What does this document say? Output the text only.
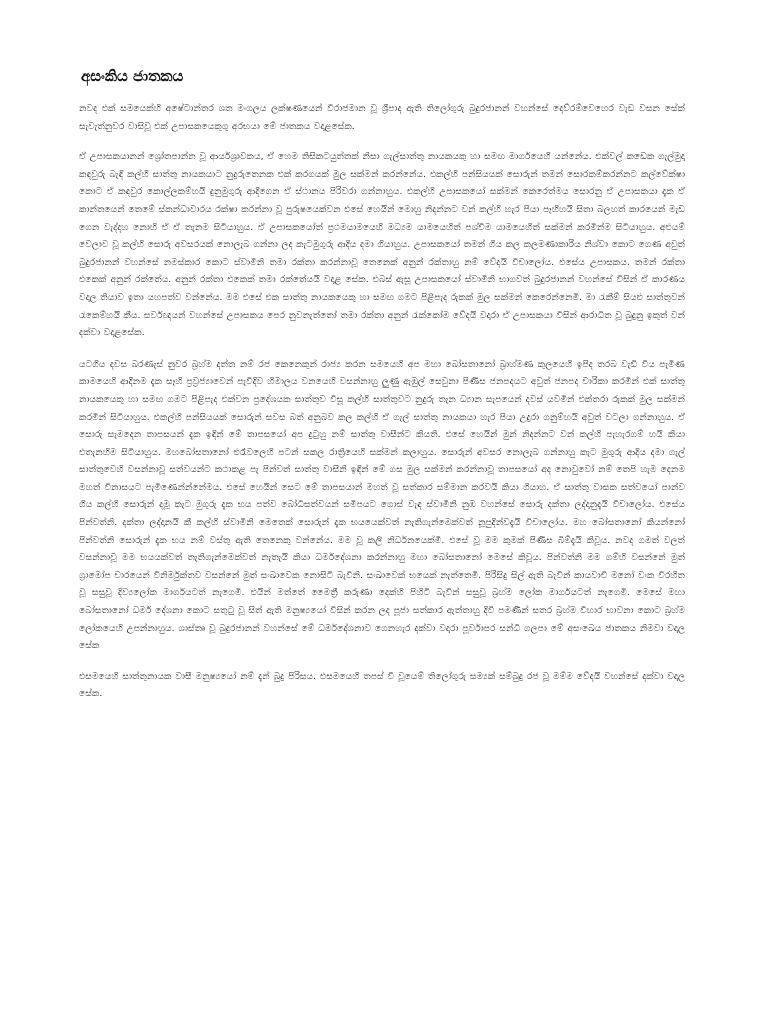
අසංකිය ජාතකය

නවද එක් සමයෙක්හි අෂේටාන්තර ශත මංගලය ලක්ෂණයෙන් විරාජමාන වූ ශ්‍රීපාද ඇති තිලෝගුරු බුදුරජානන් වහන්සේ දෙව්රම්වෙහෙර වැඩ වසන සේක් සැවැත්නුවර වාසිවූ එක් උපාසකයෙකුගු අරභයා මේ ජාතකය වදාළසේක.

ඒ උපාසකයානන් ශ්‍රෝතපාන්න වූ ආර්යශ්‍රාවකය, ඒ හෙම තිසිකටයුත්තක් නිසා ගැල්සාත්තු නායකයකු හා සමඟ මාර්ගයෙහි යන්නේය. එක්වල් කඩෙක ගැල්මුදා කඳවුරු බැඳි කල්හි සාත්තු නායකයාට නුදුරුතෙනක එක් කරගයක් මුල සක්මන් කරන්නේය. එකල්හි පන්සියයක් සොරුන් තමන් සොරකම්කරන්නට කල්වේක්ෂා කොට ඒ කඳවුර කොල්ලකම්හයි දුනුමුගුරු ආදීගෙන ඒ ස්ථානය පිරිවරා ගන්නාහුය. එකල්හි උපාසකයෝ සක්මන් කෙරෙත්මය සොරනු ඒ උපාසකයා දැක ඒ කාන්තයෙන් තෙමේ ස්කන්ධාවාරය රක්ෂා කරන්නා වූ පුරුෂයෙක්වන එසේ හෙයින් මොහු නිදන්නට වන් කල්හි හැර පියා පෑහිහයි සිතා බලහත් කාරයෙන් මැඩ ගෙන වැද්දහ නොහි ඒ ඒ තැනම සිටියාහුය. ඒ උපාසකයෝත් ප්‍රථමයාමයෙහි මධ්‍යම යාමයෙහිත් පශ්චිම යාමයෙහිත් සක්මන් කරමින්ම සිටියාහුය. අළුයම් වෙලාව වූ කල්හි සොරු අවසරයක් නොලැබ ගන්නා ලද කැටමුගුරු ආදිය දමා ගියාහුය. උපාසකයෝ තමන් ගිය කල කලමණාකාරිය නිශ්වා කොට ගෙණ අවුත් බුදුරජානන් වහන්සේ නමස්කාර කොට ස්වාමීනි තමා රක්තා කරන්නාවූ තෙනෙක් අනුන් රක්තාහු නම් වේදයි විචාලෝය. එසේය උපාසකය. තමන් රක්තා එකෙක් අනුන් රක්තේය. අනුන් රක්තා එකෙක් තමා රක්තේයයි වදාළ සේක. එබස් ඇසූ උපාසකයෝ ස්වාමීනි භාගවත් බුදුරජානන් වහන්සේ විසින් ඒ කාරණය වදාල තියාව ඉතා යහපත්ව වන්නේය. මම එසේ එක සාත්තු නායකයෙකු හා සමඟ ගමට පිළිපැද රුකක් මුල සක්මන් කෙරෙන්නෙමි. මා රැකීම් සියළු සාත්තුවන් රැකෙම්හයි කීය. සර්වඥයන් වහන්සේ උපාසකය පෙර නුවනැත්තෝ තමා රක්තා අනුන් රැක්කෝම වේදයි වදාරා ඒ උපාසකයා විසින් ආරාධිත වූ බුදුනු ඉකුත් වන් දක්වා වදාළසේක.

යටගිය දවස බරණැස් නුවර බ්‍රහ්ම දත්ත නම් රජ කෙනෙකුන් රාජ්‍ය කරන සමයෙහි අප මහා බෝසතානෝ බ්‍රාහ්මණ කුලයෙහි ඉපිද තරබ වැඩි විය පැමිණ කාමයෙහි ආදීනම දැක සෑහි ප්‍රව්‍රජ්‍යාවෙන් පැවිදිව හිමාලය වනයෙහි වසන්නාහු ලුණු ඇඹුල් සෙවුනා පිණිස ජනපදයට අවුත් ජනපද චාරිකා කරමින් එක් සාත්තු නායකයෙකු හා සමඟ ගමට පිළිපැද එක්වන ප්‍රදේශයක සාත්තුව විසූ කල්හි සාත්තුවට නුදුරු තැන ධ්‍යාන සැපයෙන් දවස් යවමින් එක්තරා රුකක් මුල සක්මන් කරමින් සිටියාහුය. එකල්හි පන්සියයක් සොරුන් සවස බත් අනුබව කල කල්හි ඒ ගැල් සාත්තු නායකයා හැර පියා උදුරා ගනුම්හයි අවුත් වටලා ගන්නාහුය. ඒ සොරු සැමදෙන තාපසයන් දැක ඉඳින් මේ තාපසයෝ අප දුටුහු නම් සාත්තු වාසීන්ට කියති. එසේ හෙයින් මුන් නිදන්නට වන් කල්හි පැහැරගම් හයි කියා එතැනහිම සිටියාහුය. මහබෝසතානෝ එරෑවලෙහි පටන් සකල රාත්‍රියෙහි සක්මන් කලාහුය. සොරුන් අවසර නොලැබ ගන්නාහු කැට මුගුරු ආදිය දමා ගැල් සාත්තුවෙහි වසන්නාවූ සත්වයන්ට කථාකළ පැ පින්වත් සාත්තු වාසීනි ඉඳින් මේ ගස මුල සක්මන් කරන්නාවූ තාපසයෝ අද නොවුවෝ නම් තෙපි හැම දෙනම මහත් විනාසයට පැමිණෙන්න්නේමය. එසේ හෙයින් සෙට මේ තාපසයාන් මහත් වූ සත්කාර සම්මාන කරවයි කියා ගියාහ. ඒ සාත්තු වාසක සත්වයෝ පාන්ව ගිය කල්හි සොරුන් දමූ කැට මුගුරු දැක භය පත්ව බෝධිසත්වයන් සමීපයට ගොස් වැඳ ස්වාමීනි නුඹ වහන්සේ සොරු දක්තා ලද්දානුදැයි විචාලෝය. එසේය පින්වත්නි. දක්තා ලද්දානයි කී කල්හි ස්වාමීනි මෙතෙක් සොරුන් දැක භයයෙක්වත් නැතිගැන්මෙක්වත් නූපුදින්වදැයි විචාලෝය. මහ බෝසතානෝ කියන්නෝ පින්වත්නි සොරුන් දැක භය නම් වස්තු ඇති තෙනෙකු වන්නේය. මම වූ කලි නිර්ධනයෙක්මි. එසේ වූ මම කුමක් පිණිස බිම්දැයි කිවූය. නවද ගමත් වලත් වසන්නාවූ මම භයයක්වත් තැතිගැන්මෙක්වත් නැතැයි කියා ධර්මදේශනා කරන්නාහු මහා බෝසතානෝ මෙසේ කිවූය. පින්වත්නි මම ගම්හි වසන්නේ මුත් ග්‍රාමෝප චාරයෙන් විනිර්මුක්තව වසන්නේ මුත් සංඛාවෙක නොසිටි බැවිනි. සංඛාවෙක් භයෙක් නැත්තෙමි. පිරිසිදු සිල් ඇති බැවින් කායවාචි මනෝ වංක විරහිත වූ සසුවූ දිව්‍යලෝක මාර්ගයටත් නැගෙමි. එයින් මත්තේ මෛත්‍රී කරුණා දෙක්හි පිහිටි බැවින් සසුවූ බ්‍රහ්ම ලෝක මාර්ගයටත් නැගෙමි. මෙසේ මහා බෝසතානෝ ධර්ම දේශනා කොට සතුටු වූ සිත් ඇති මනුෂ්‍යයෝ විසින් කරන ලද පූජා සත්කාර ඇත්තාහු දිවි පමණින් සතර බ්‍රහ්ම විහාර භාවනා කොට බ්‍රහ්ම ලෝකයෙහි උපන්නාහුය. ශාස්තෘ වූ බුදුරජානන් වහන්සේ මේ ධර්මදේශනාව ගෙනහැර දක්වා වදාරා පූර්වාපර සන්ධි ගලපා මේ අසංඛෙය ජාතකය නිමවා වදාල සේක

එසමයෙහි සාත්තුනායක වාසී මනුෂ්‍යයෝ නම් දැන් බුදු පිරිසය. එසමයෙහි තපස් වී වූයෙම් තිලෝගුරු සම්‍යක් සම්බුදු රජ වූ මම්ම වේදයි වහන්සේ දක්වා වදාල සේක.
